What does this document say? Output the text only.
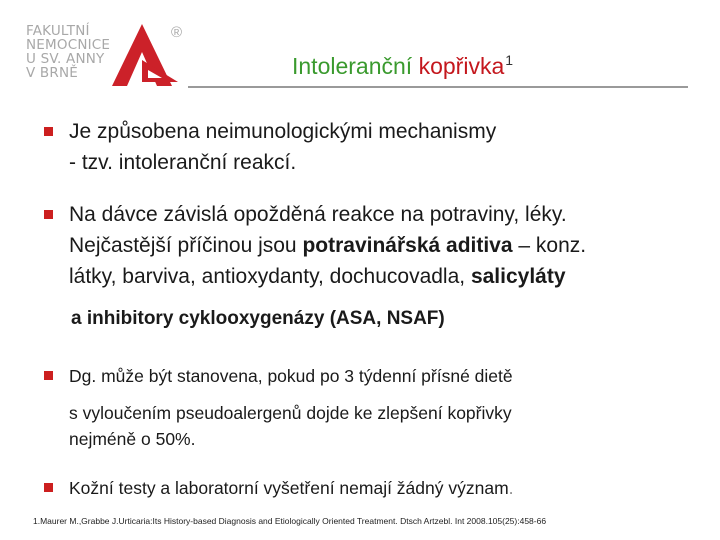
FAKULTNÍ
NEMOCNICE
U SV. ANNY
V BRNĚ
®
Intoleranční kopřivka$^1$
Je způsobena neimunologickými mechanismy
- tzv. intoleranční reakcí.
Na dávce závislá opožděná reakce na potraviny, léky.
Nejčastější příčinou jsou potravinářská aditiva – konz.
látky, barviva, antioxydanty, dochucovadla, salicyláty
a inhibitory cyklooxygenázy (ASA, NSAF)
Dg. může být stanovena, pokud po 3 týdenní přísné dietě
s vyloučením pseudoalergenů dojde ke zlepšení kopřivky
nejméně o 50%.
Kožní testy a laboratorní vyšetření nemají žádný význam.
1.Maurer M.,Grabbe J.Urticaria:Its History-based Diagnosis and Etiologically Oriented Treatment. Dtsch Artzebl. Int 2008.105(25):458-66
